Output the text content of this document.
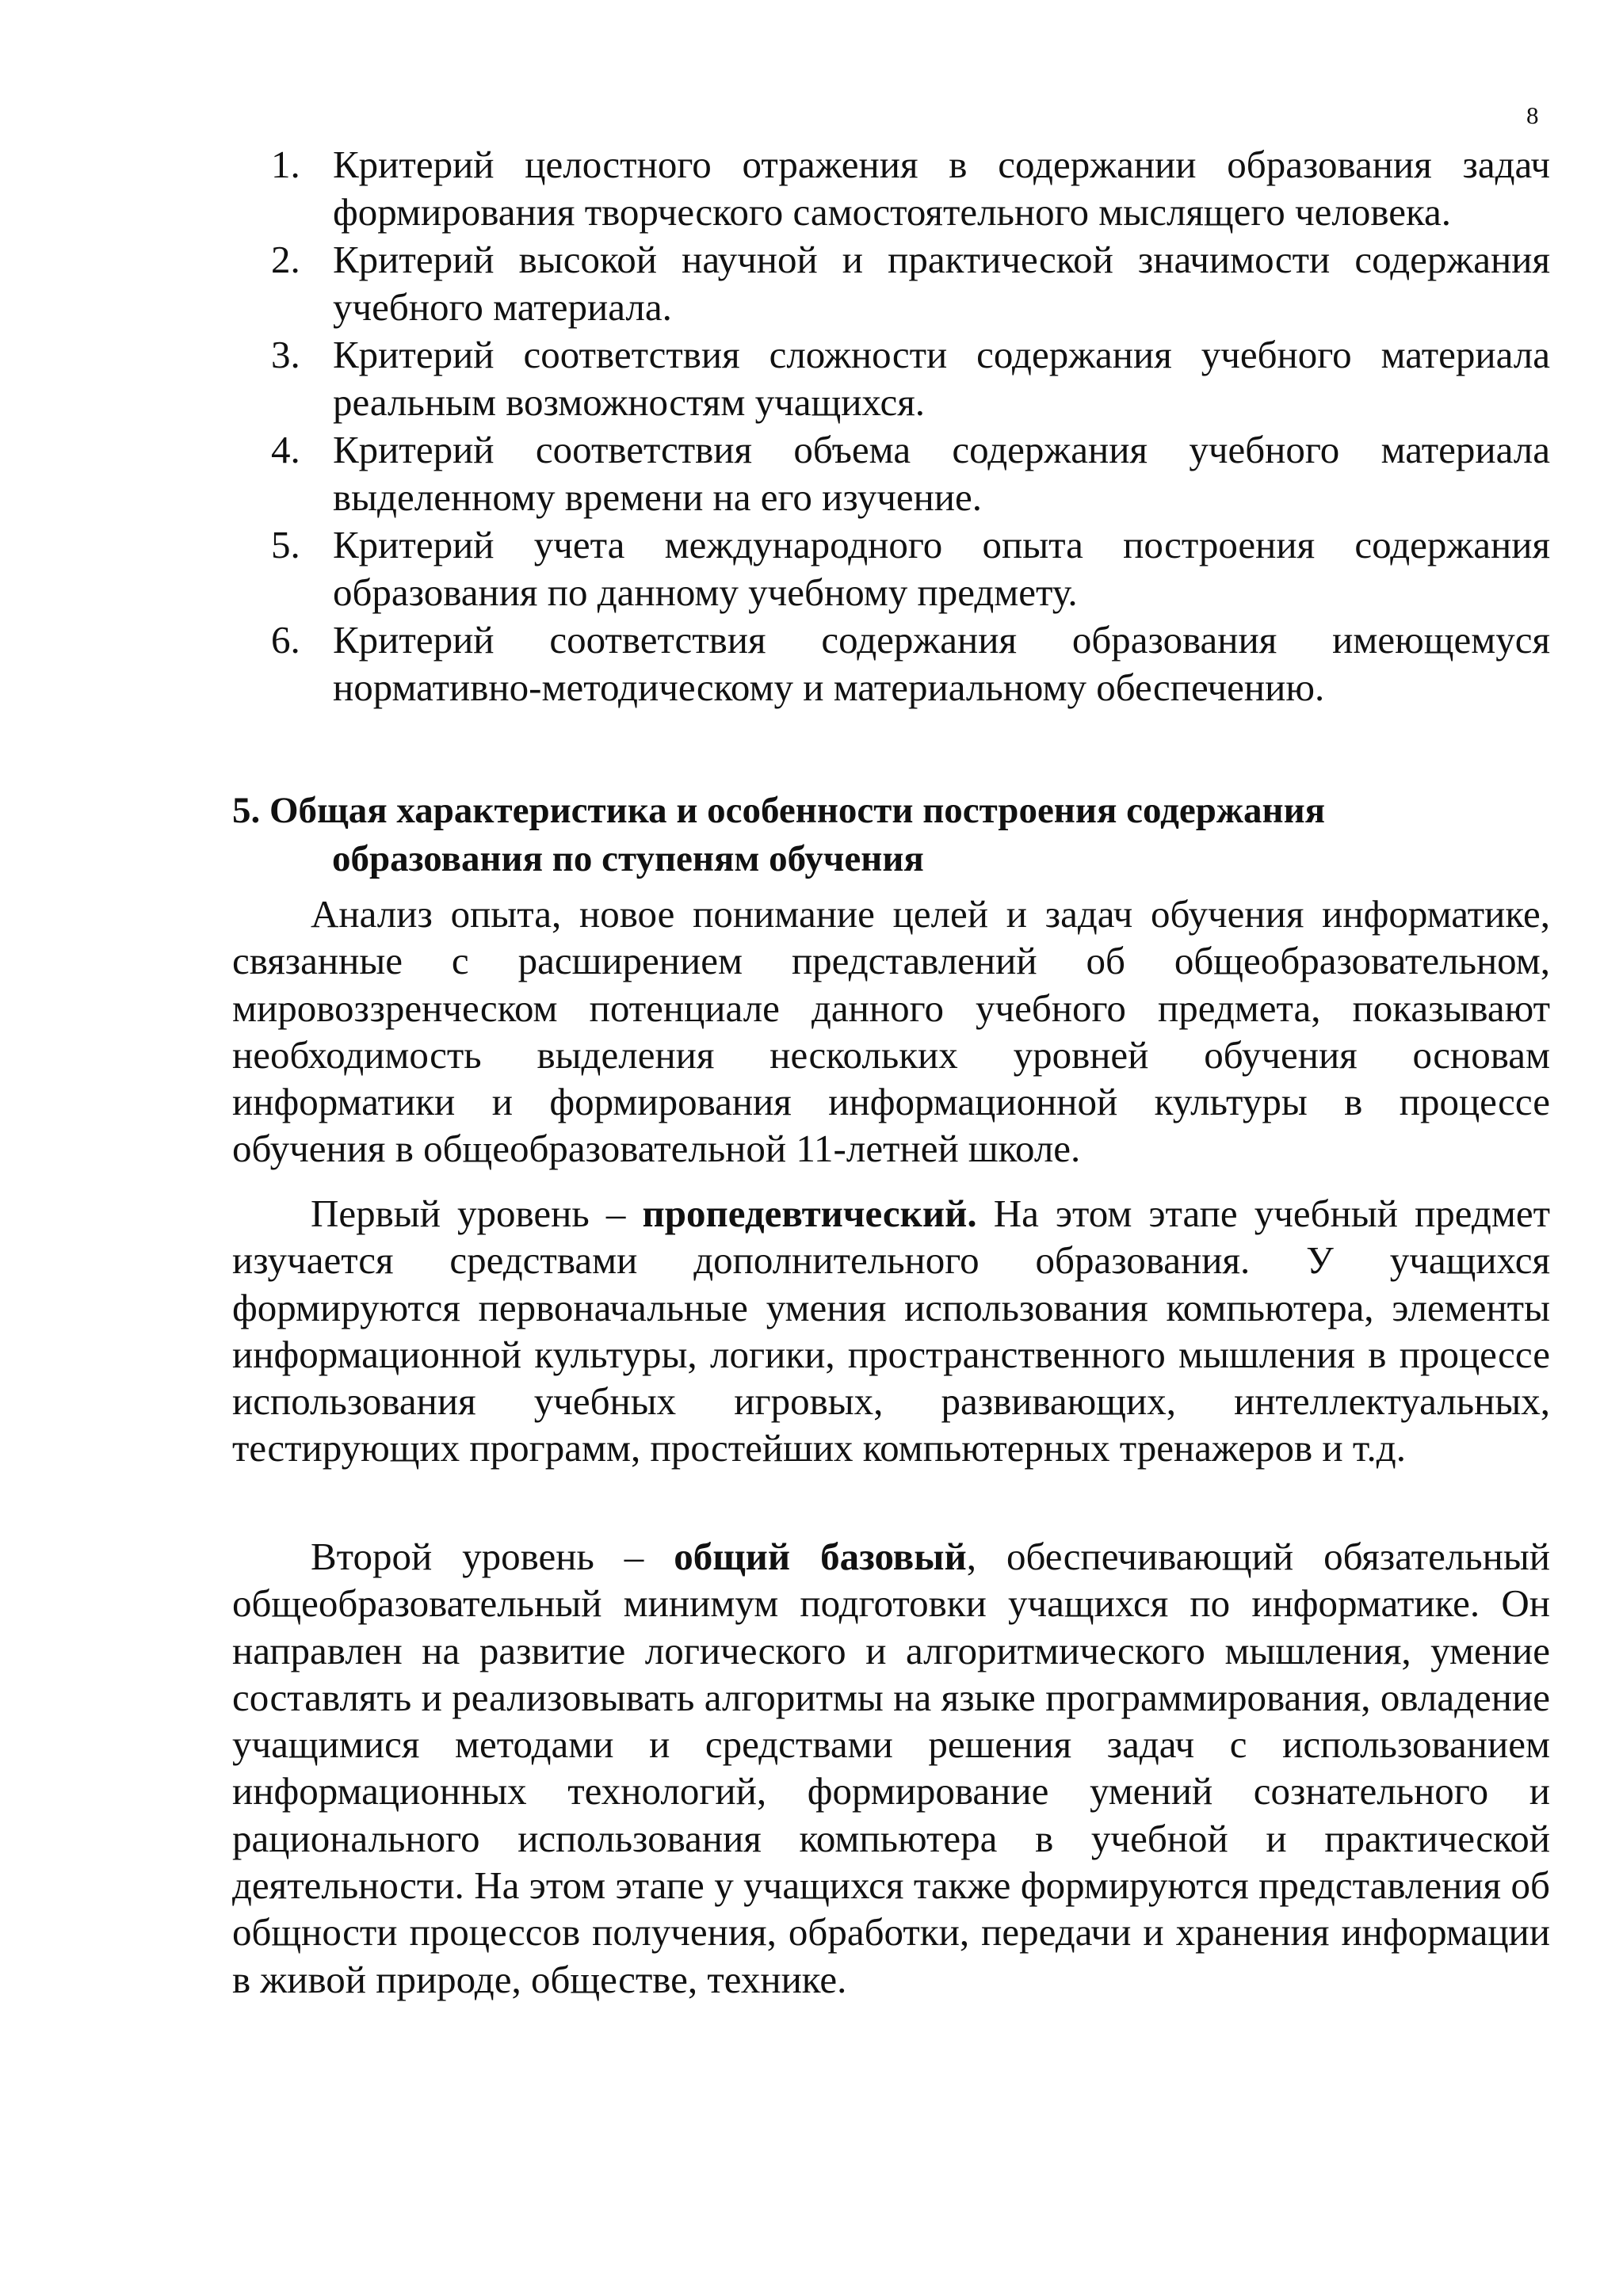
8
1. Критерий целостного отражения в содержании образования задач формирования творческого самостоятельного мыслящего человека.
2. Критерий высокой научной и практической значимости содержания учебного материала.
3. Критерий соответствия сложности содержания учебного материала реальным возможностям учащихся.
4. Критерий соответствия объема содержания учебного материала выделенному времени на его изучение.
5. Критерий учета международного опыта построения содержания образования по данному учебному предмету.
6. Критерий соответствия содержания образования имеющемуся нормативно-методическому и материальному обеспечению.
5. Общая характеристика и особенности построения содержания
образования по ступеням обучения

Анализ опыта, новое понимание целей и задач обучения информатике, связанные с расширением представлений об общеобразовательном, мировоззренческом потенциале данного учебного предмета, показывают необходимость выделения нескольких уровней обучения основам информатики и формирования информационной культуры в процессе обучения в общеобразовательной 11-летней школе.

Первый уровень – пропедевтический. На этом этапе учебный предмет изучается средствами дополнительного образования. У учащихся формируются первоначальные умения использования компьютера, элементы информационной культуры, логики, пространственного мышления в процессе использования учебных игровых, развивающих, интеллектуальных, тестирующих программ, простейших компьютерных тренажеров и т.д.

Второй уровень – общий базовый, обеспечивающий обязательный общеобразовательный минимум подготовки учащихся по информатике. Он направлен на развитие логического и алгоритмического мышления, умение составлять и реализовывать алгоритмы на языке программирования, овладение учащимися методами и средствами решения задач с использованием информационных технологий, формирование умений сознательного и рационального использования компьютера в учебной и практической деятельности. На этом этапе у учащихся также формируются представления об общности процессов получения, обработки, передачи и хранения информации в живой природе, обществе, технике.
